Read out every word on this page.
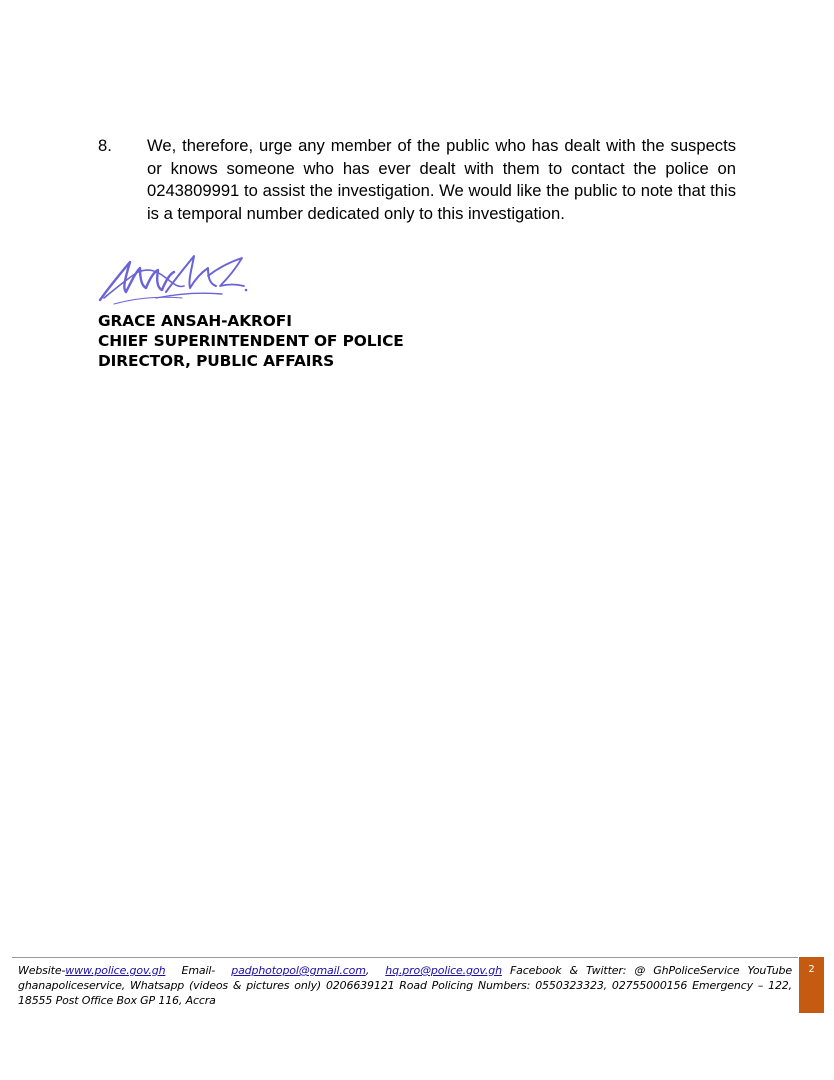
8. We, therefore, urge any member of the public who has dealt with the suspects or knows someone who has ever dealt with them to contact the police on 0243809991 to assist the investigation. We would like the public to note that this is a temporal number dedicated only to this investigation.
GRACE ANSAH-AKROFI
CHIEF SUPERINTENDENT OF POLICE
DIRECTOR, PUBLIC AFFAIRS
Website-www.police.gov.gh Email- padphotopol@gmail.com, hq.pro@police.gov.gh Facebook & Twitter: @ GhPoliceService YouTube ghanapoliceservice, Whatsapp (videos & pictures only) 0206639121 Road Policing Numbers: 0550323323, 02755000156 Emergency – 122, 18555 Post Office Box GP 116, Accra
2
